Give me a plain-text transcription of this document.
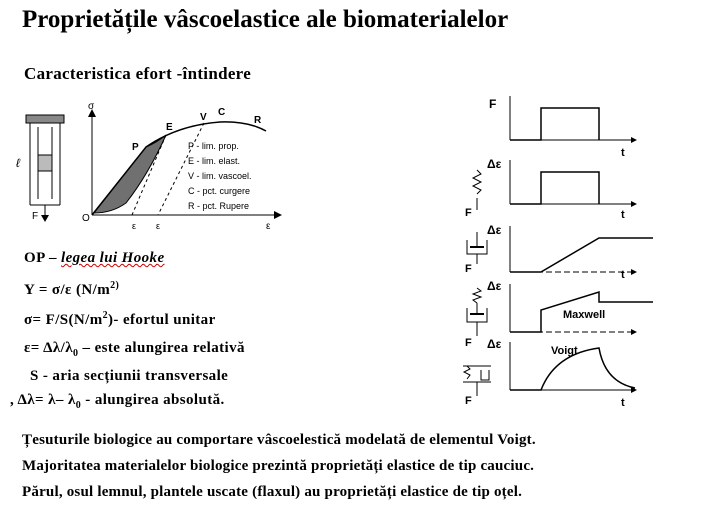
Proprietățile vâscoelastice ale biomaterialelor
Caracteristica efort -întindere
ℓ
F	O
σ
ε
ε ε
P
E
V C
R
P - lim. prop.
E - lim. elast.
V - lim. vascoel.
C - pct. curgere
R - pct. Rupere
OP – legea lui Hooke
Y = σ/ε ($N/m^{2)}$
$\sigma= F/S(N/m^2)-$ efortul unitar
$\varepsilon= \Delta\lambda/\lambda_0$ – este alungirea relativă
S - aria secțiunii transversale
, Δλ= λ– $\lambda_0$ - alungirea absolută.
F
t
Δε
t
F
Δε
t
F
Δε
Maxwell
F Δε	Voigt
t
F
Țesuturile biologice au comportare vâscoelestică modelată de elementul Voigt.
Majoritatea materialelor biologice prezintă proprietăți elastice de tip cauciuc.
Părul, osul lemnul, plantele uscate (flaxul) au proprietăți elastice de tip oțel.
